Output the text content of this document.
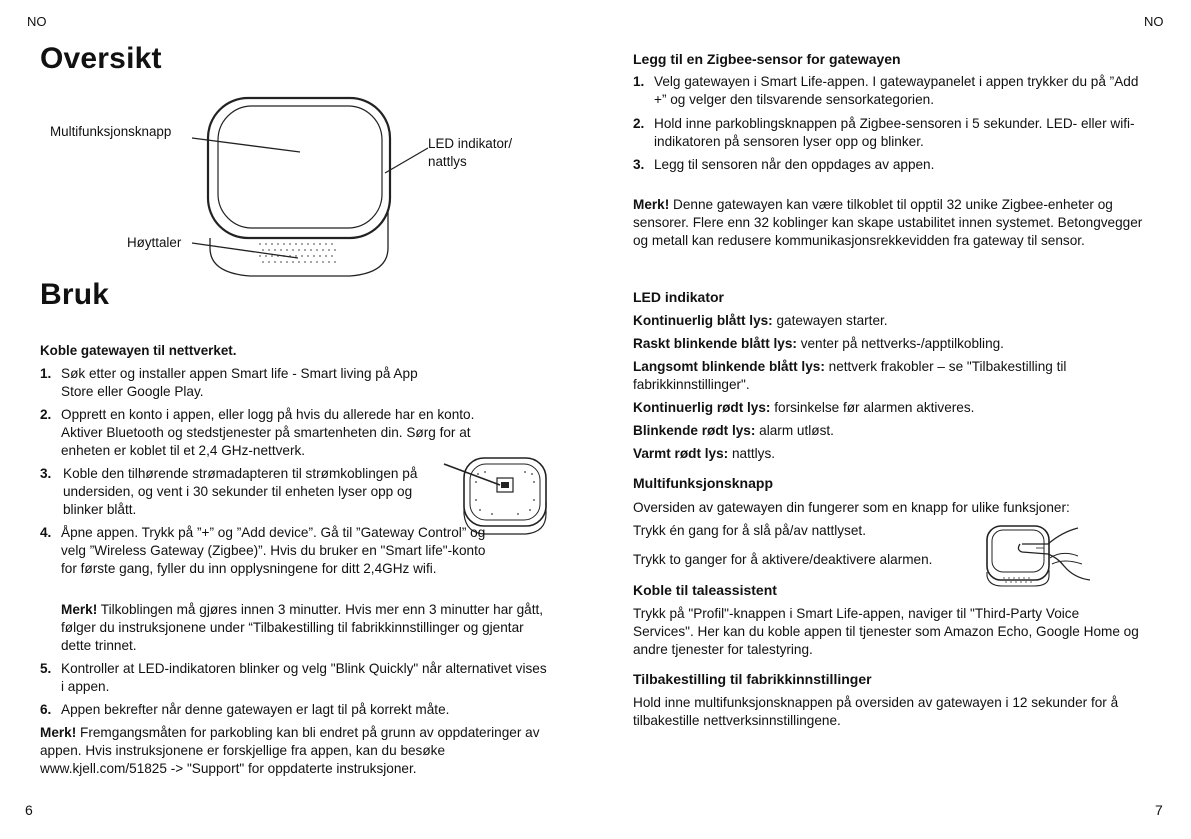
NO	NO
6	7
Oversikt
Multifunksjonsknapp
LED indikator/ nattlys
Høyttaler
Bruk
Koble gatewayen til nettverket.
1. Søk etter og installer appen Smart life - Smart living på App Store eller Google Play.
2. Opprett en konto i appen, eller logg på hvis du allerede har en konto. Aktiver Bluetooth og stedstjenester på smartenheten din. Sørg for at enheten er koblet til et 2,4 GHz-nettverk.
3. Koble den tilhørende strømadapteren til strømkoblingen på undersiden, og vent i 30 sekunder til enheten lyser opp og blinker blått.
4. Åpne appen. Trykk på ”+” og ”Add device”. Gå til ”Gateway Control” og velg ”Wireless Gateway (Zigbee)”. Hvis du bruker en "Smart life"-konto for første gang, fyller du inn opplysningene for ditt 2,4GHz wifi.
Merk! Tilkoblingen må gjøres innen 3 minutter. Hvis mer enn 3 minutter har gått, følger du instruksjonene under “Tilbakestilling til fabrikkinnstillinger og gjentar dette trinnet.
5. Kontroller at LED-indikatoren blinker og velg "Blink Quickly" når alternativet vises i appen.
6. Appen bekrefter når denne gatewayen er lagt til på korrekt måte.
Merk! Fremgangsmåten for parkobling kan bli endret på grunn av oppdateringer av appen. Hvis instruksjonene er forskjellige fra appen, kan du besøke www.kjell.com/51825 -> "Support" for oppdaterte instruksjoner.
Legg til en Zigbee-sensor for gatewayen
1. Velg gatewayen i Smart Life-appen. I gatewaypanelet i appen trykker du på ”Add +” og velger den tilsvarende sensorkategorien.
2. Hold inne parkoblingsknappen på Zigbee-sensoren i 5 sekunder. LED- eller wifi-indikatoren på sensoren lyser opp og blinker.
3. Legg til sensoren når den oppdages av appen.
Merk! Denne gatewayen kan være tilkoblet til opptil 32 unike Zigbee-enheter og sensorer. Flere enn 32 koblinger kan skape ustabilitet innen systemet. Betongvegger og metall kan redusere kommunikasjonsrekkevidden fra gateway til sensor.
LED indikator
Kontinuerlig blått lys: gatewayen starter.
Raskt blinkende blått lys: venter på nettverks-/apptilkobling.
Langsomt blinkende blått lys: nettverk frakobler – se "Tilbakestilling til fabrikkinnstillinger".
Kontinuerlig rødt lys: forsinkelse før alarmen aktiveres.
Blinkende rødt lys: alarm utløst.
Varmt rødt lys: nattlys.
Multifunksjonsknapp
Oversiden av gatewayen din fungerer som en knapp for ulike funksjoner:
Trykk én gang for å slå på/av nattlyset.
Trykk to ganger for å aktivere/deaktivere alarmen.
Koble til taleassistent
Trykk på "Profil"-knappen i Smart Life-appen, naviger til "Third-Party Voice Services". Her kan du koble appen til tjenester som Amazon Echo, Google Home og andre tjenester for talestyring.
Tilbakestilling til fabrikkinnstillinger
Hold inne multifunksjonsknappen på oversiden av gatewayen i 12 sekunder for å tilbakestille nettverksinnstillingene.
